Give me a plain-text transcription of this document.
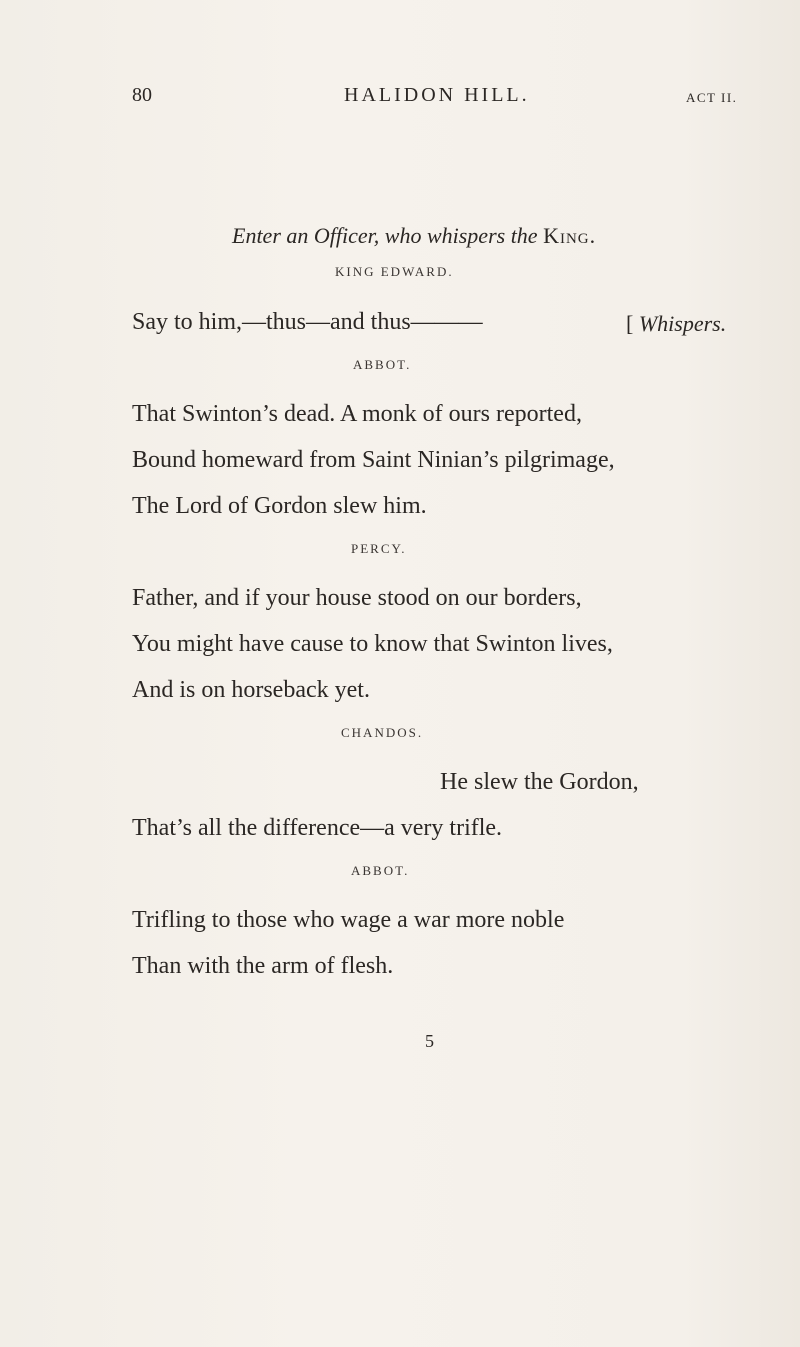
80	HALIDON HILL.	ACT II.
Enter an Officer, who whispers the King.
KING EDWARD.
Say to him,—thus—and thus———	[ Whispers.
ABBOT.
That Swinton’s dead. A monk of ours reported,
Bound homeward from Saint Ninian’s pilgrimage,
The Lord of Gordon slew him.
PERCY.
Father, and if your house stood on our borders,
You might have cause to know that Swinton lives,
And is on horseback yet.
CHANDOS.
He slew the Gordon,
That’s all the difference—a very trifle.
ABBOT.
Trifling to those who wage a war more noble
Than with the arm of flesh.
5
